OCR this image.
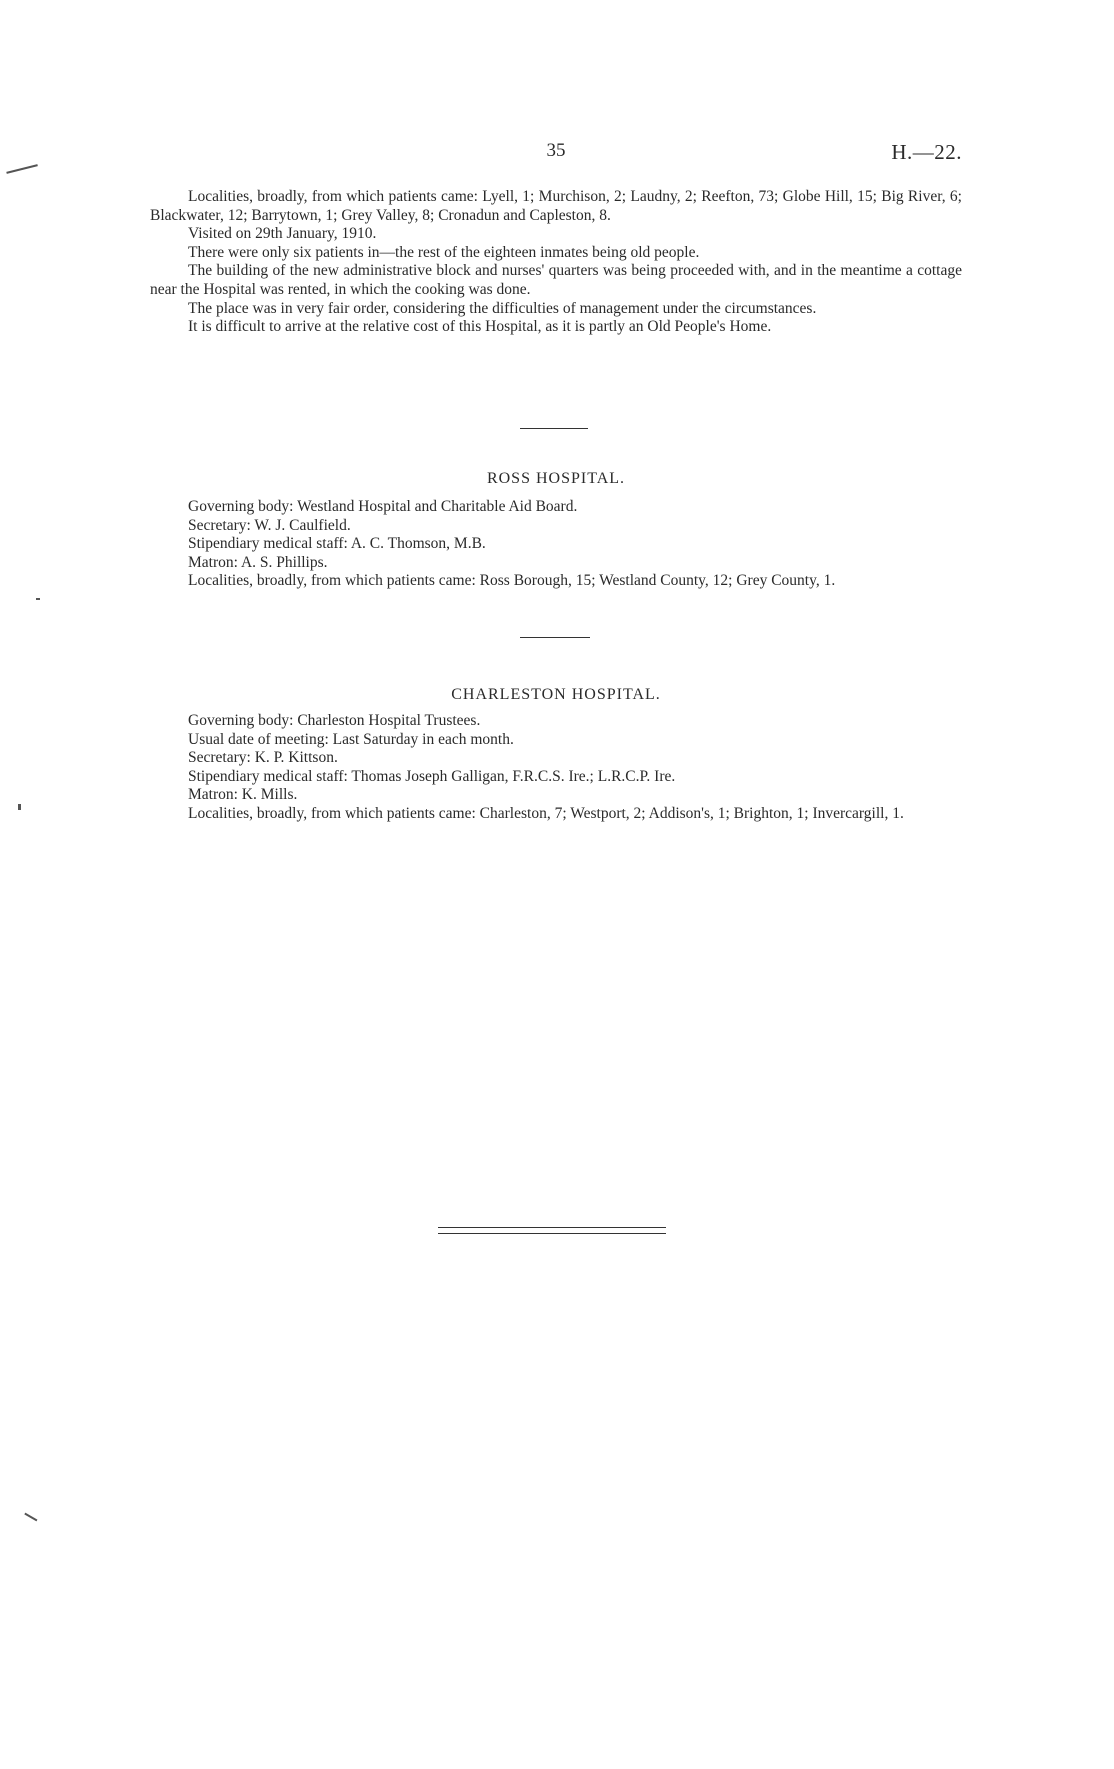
35	H.—22.

Localities, broadly, from which patients came: Lyell, 1; Murchison, 2; Laudny, 2; Reefton, 73; Globe Hill, 15; Big River, 6; Blackwater, 12; Barrytown, 1; Grey Valley, 8; Cronadun and Capleston, 8.

Visited on 29th January, 1910.

There were only six patients in—the rest of the eighteen inmates being old people.

The building of the new administrative block and nurses' quarters was being proceeded with, and in the meantime a cottage near the Hospital was rented, in which the cooking was done.

The place was in very fair order, considering the difficulties of management under the circumstances.

It is difficult to arrive at the relative cost of this Hospital, as it is partly an Old People's Home.

ROSS HOSPITAL.

Governing body: Westland Hospital and Charitable Aid Board.

Secretary: W. J. Caulfield.

Stipendiary medical staff: A. C. Thomson, M.B.

Matron: A. S. Phillips.

Localities, broadly, from which patients came: Ross Borough, 15; Westland County, 12; Grey County, 1.

CHARLESTON HOSPITAL.

Governing body: Charleston Hospital Trustees.

Usual date of meeting: Last Saturday in each month.

Secretary: K. P. Kittson.

Stipendiary medical staff: Thomas Joseph Galligan, F.R.C.S. Ire.; L.R.C.P. Ire.

Matron: K. Mills.

Localities, broadly, from which patients came: Charleston, 7; Westport, 2; Addison's, 1; Brighton, 1; Invercargill, 1.
